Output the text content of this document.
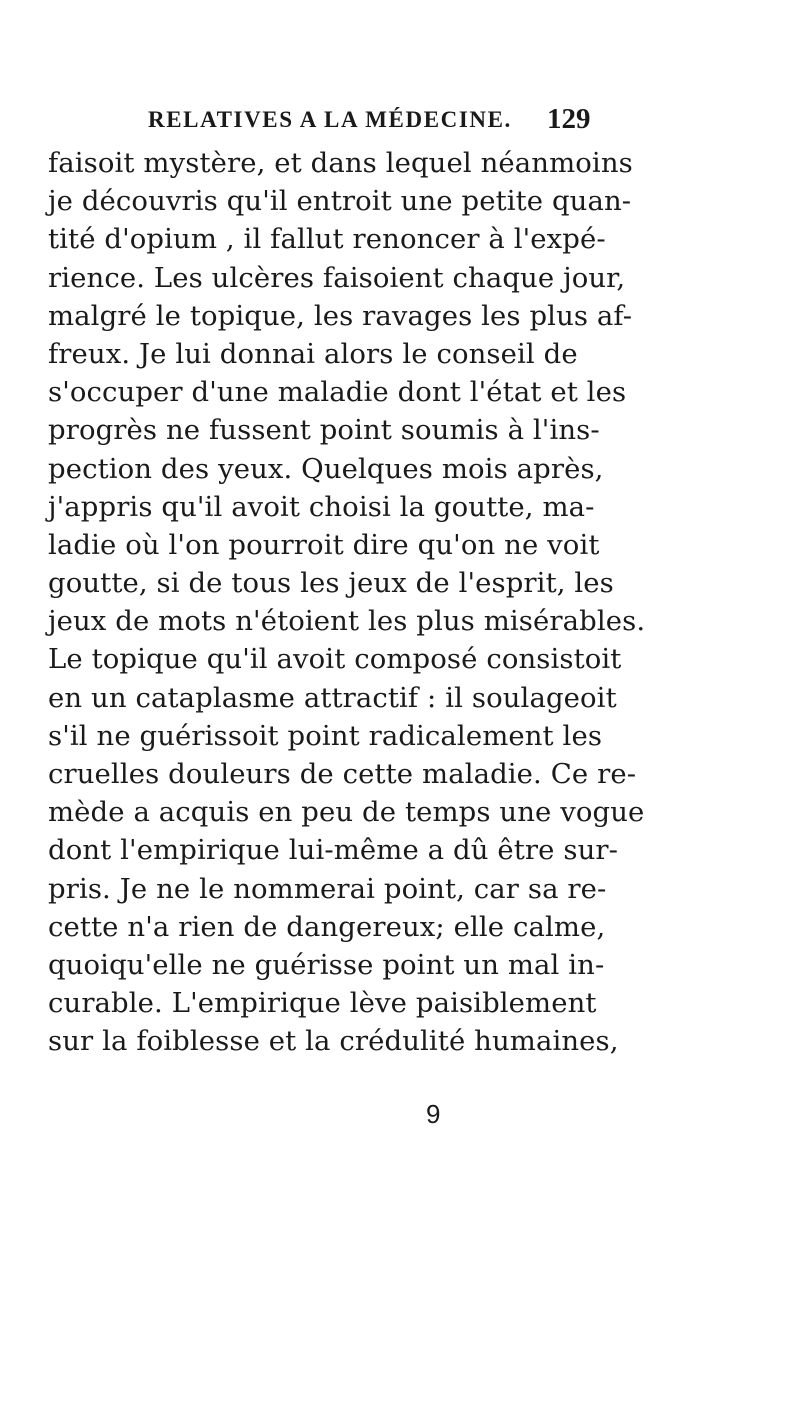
RELATIVES A LA MÉDECINE. 129
faisoit mystère, et dans lequel néanmoins
je découvris qu'il entroit une petite quan-
tité d'opium , il fallut renoncer à l'expé-
rience. Les ulcères faisoient chaque jour,
malgré le topique, les ravages les plus af-
freux. Je lui donnai alors le conseil de
s'occuper d'une maladie dont l'état et les
progrès ne fussent point soumis à l'ins-
pection des yeux. Quelques mois après,
j'appris qu'il avoit choisi la goutte, ma-
ladie où l'on pourroit dire qu'on ne voit
goutte, si de tous les jeux de l'esprit, les
jeux de mots n'étoient les plus misérables.
Le topique qu'il avoit composé consistoit
en un cataplasme attractif : il soulageoit
s'il ne guérissoit point radicalement les
cruelles douleurs de cette maladie. Ce re-
mède a acquis en peu de temps une vogue
dont l'empirique lui-même a dû être sur-
pris. Je ne le nommerai point, car sa re-
cette n'a rien de dangereux; elle calme,
quoiqu'elle ne guérisse point un mal in-
curable. L'empirique lève paisiblement
sur la foiblesse et la crédulité humaines,
9
